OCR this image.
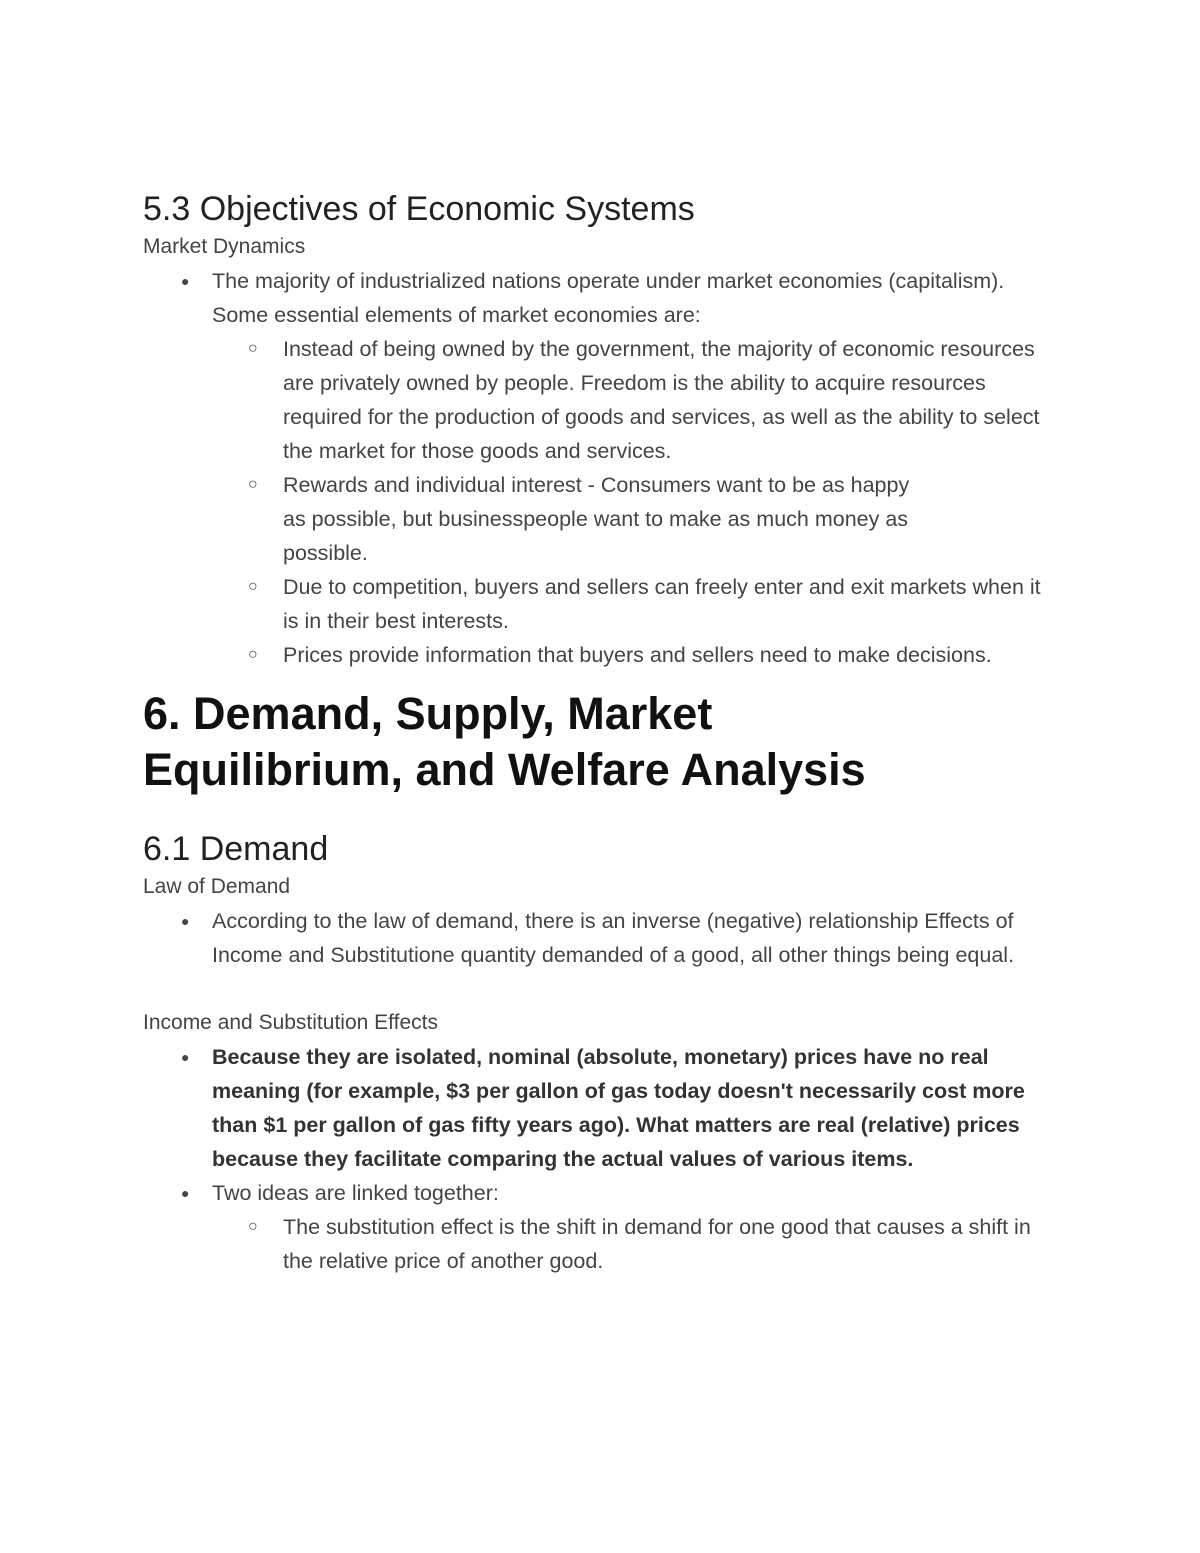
5.3 Objectives of Economic Systems

Market Dynamics

● The majority of industrialized nations operate under market economies (capitalism). Some essential elements of market economies are:
○ Instead of being owned by the government, the majority of economic resources are privately owned by people. Freedom is the ability to acquire resources required for the production of goods and services, as well as the ability to select the market for those goods and services.
○ Rewards and individual interest - Consumers want to be as happy as possible, but businesspeople want to make as much money as possible.
○ Due to competition, buyers and sellers can freely enter and exit markets when it is in their best interests.
○ Prices provide information that buyers and sellers need to make decisions.
6. Demand, Supply, Market Equilibrium, and Welfare Analysis
6.1 Demand

Law of Demand

● According to the law of demand, there is an inverse (negative) relationship Effects of Income and Substitutione quantity demanded of a good, all other things being equal.

Income and Substitution Effects

● Because they are isolated, nominal (absolute, monetary) prices have no real meaning (for example, $3 per gallon of gas today doesn't necessarily cost more than $1 per gallon of gas fifty years ago). What matters are real (relative) prices because they facilitate comparing the actual values of various items.
● Two ideas are linked together:
○ The substitution effect is the shift in demand for one good that causes a shift in the relative price of another good.
